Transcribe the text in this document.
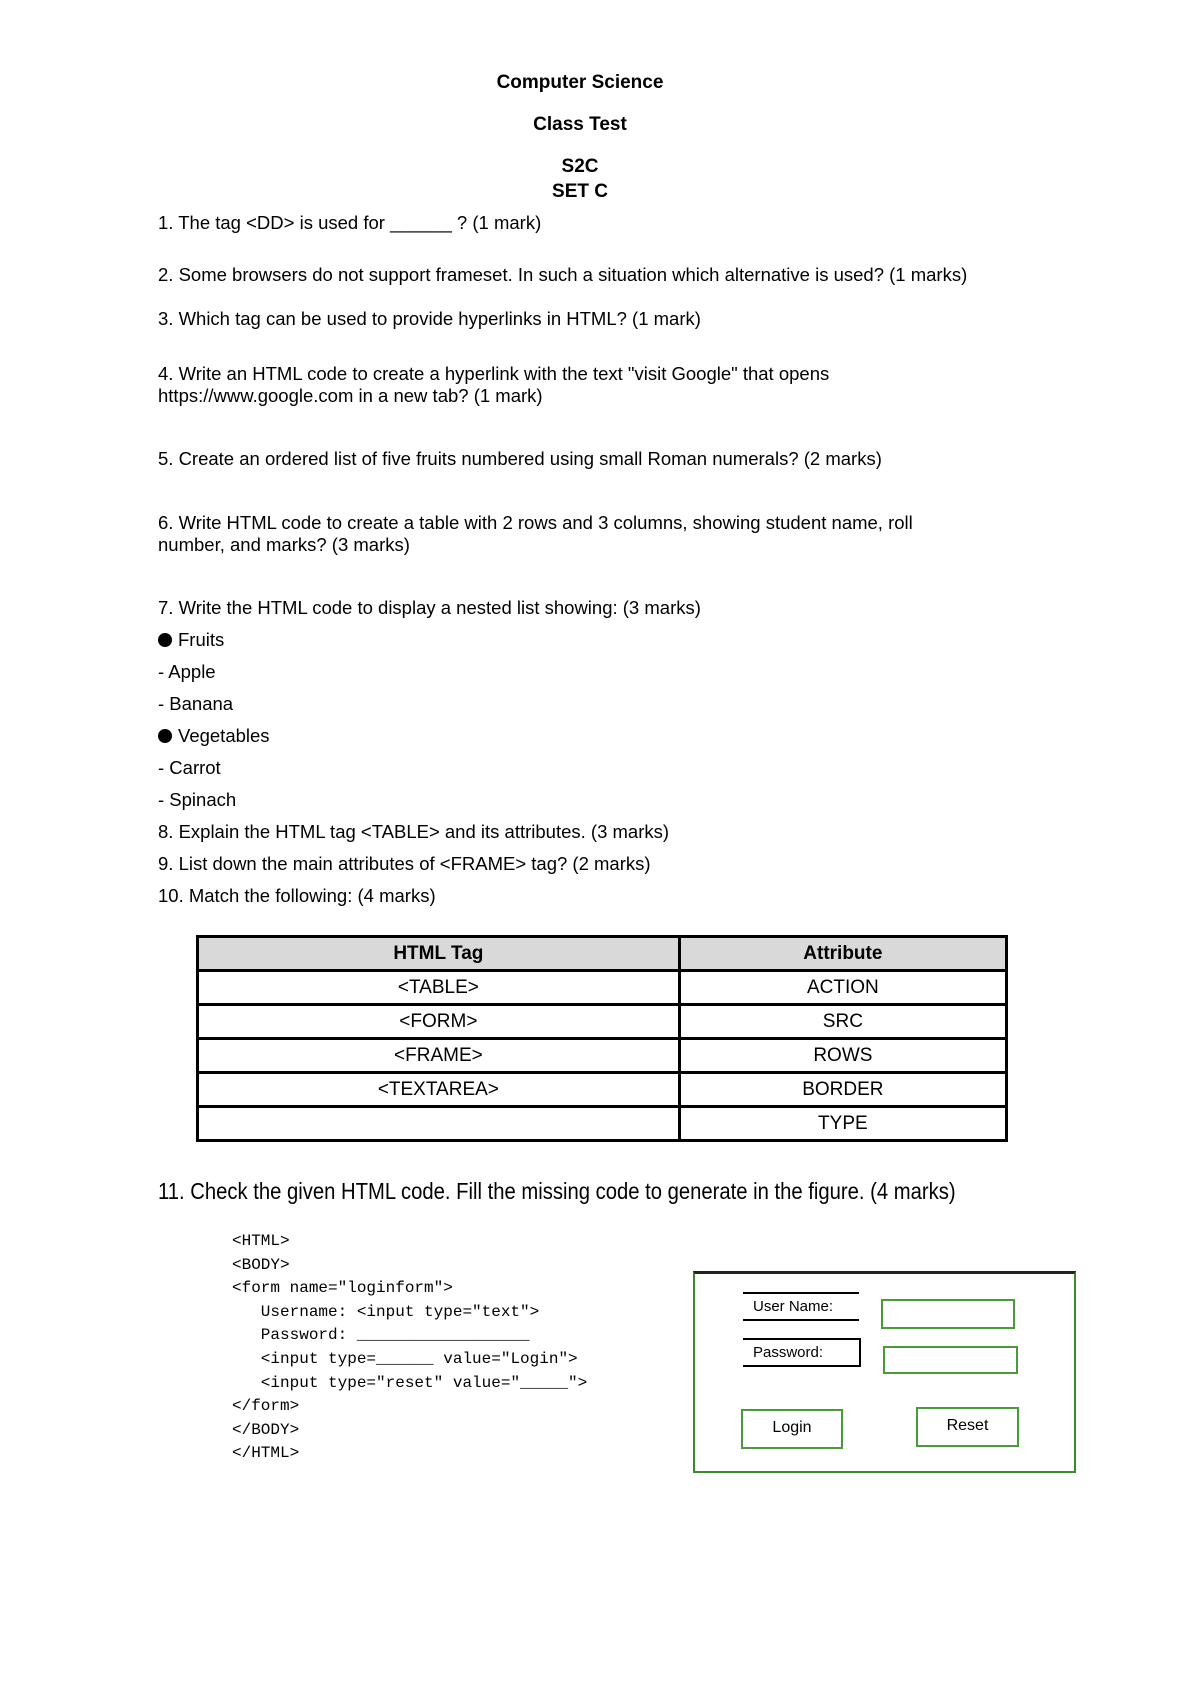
Computer Science
Class Test
S2C
SET C
1. The tag <DD> is used for ______ ? (1 mark)
2. Some browsers do not support frameset. In such a situation which alternative is used? (1 marks)
3. Which tag can be used to provide hyperlinks in HTML? (1 mark)
4. Write an HTML code to create a hyperlink with the text "visit Google" that opens
https://www.google.com in a new tab? (1 mark)
5. Create an ordered list of five fruits numbered using small Roman numerals? (2 marks)
6. Write HTML code to create a table with 2 rows and 3 columns, showing student name, roll
number, and marks? (3 marks)
7. Write the HTML code to display a nested list showing: (3 marks)
Fruits
- Apple
- Banana
Vegetables
- Carrot
- Spinach
8. Explain the HTML tag <TABLE> and its attributes. (3 marks)
9. List down the main attributes of <FRAME> tag? (2 marks)
10. Match the following: (4 marks)
HTML Tag	Attribute
<TABLE>	ACTION
<FORM>	SRC
<FRAME>	ROWS
<TEXTAREA>	BORDER
	TYPE
11. Check the given HTML code. Fill the missing code to generate in the figure. (4 marks)
<HTML>
<BODY>
<form name="loginform">
Username: <input type="text">
Password: __________________
<input type=______ value="Login">
<input type="reset" value="_____">
</form>
</BODY>
</HTML>
User Name:
Password:
Login	Reset
